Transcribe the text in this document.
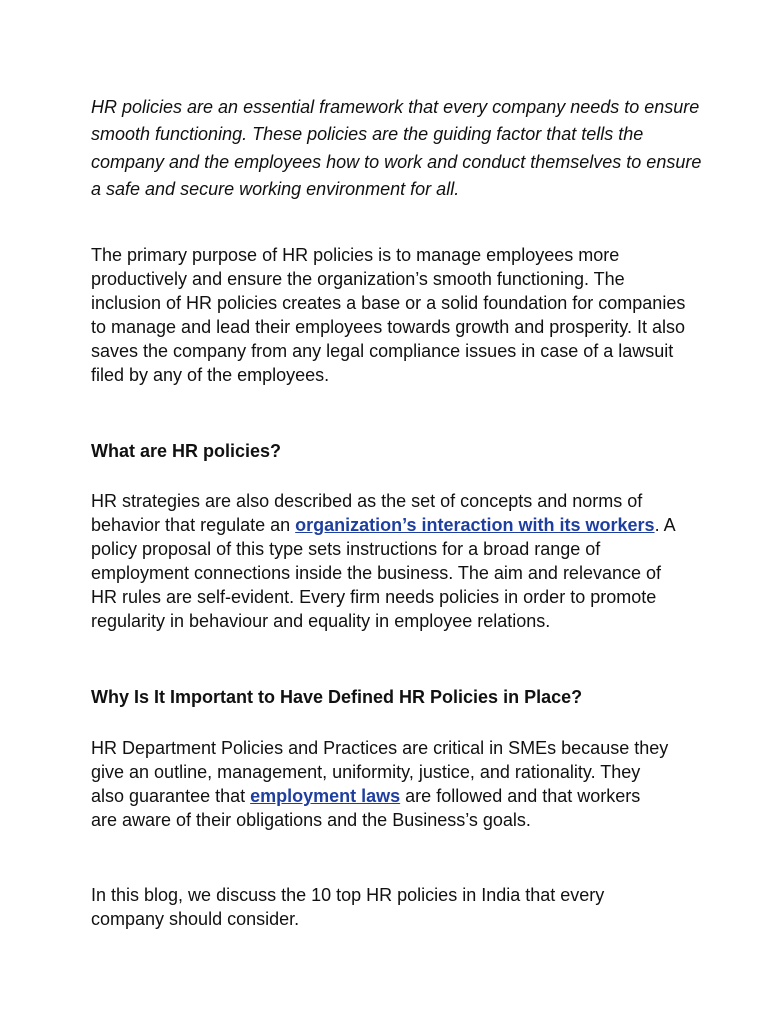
HR policies are an essential framework that every company needs to ensure smooth functioning. These policies are the guiding factor that tells the company and the employees how to work and conduct themselves to ensure a safe and secure working environment for all.

The primary purpose of HR policies is to manage employees more productively and ensure the organization’s smooth functioning. The inclusion of HR policies creates a base or a solid foundation for companies to manage and lead their employees towards growth and prosperity. It also saves the company from any legal compliance issues in case of a lawsuit filed by any of the employees.

What are HR policies?

HR strategies are also described as the set of concepts and norms of behavior that regulate an organization’s interaction with its workers. A policy proposal of this type sets instructions for a broad range of employment connections inside the business. The aim and relevance of HR rules are self-evident. Every firm needs policies in order to promote regularity in behaviour and equality in employee relations.

Why Is It Important to Have Defined HR Policies in Place?

HR Department Policies and Practices are critical in SMEs because they give an outline, management, uniformity, justice, and rationality. They also guarantee that employment laws are followed and that workers are aware of their obligations and the Business’s goals.

In this blog, we discuss the 10 top HR policies in India that every company should consider.
